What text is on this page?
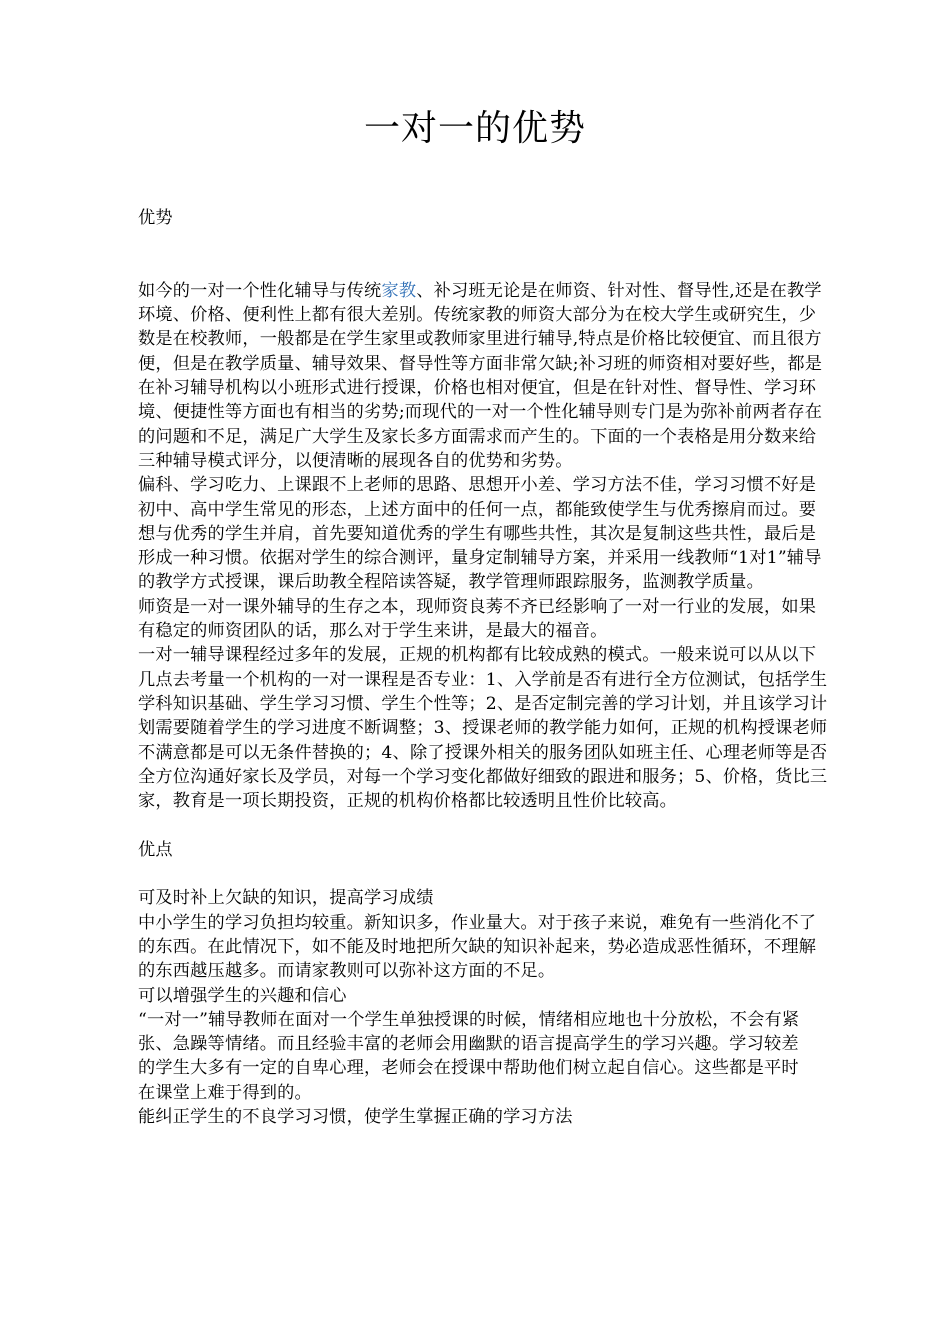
一对一的优势

优势

如今的一对一个性化辅导与传统家教、补习班无论是在师资、针对性、督导性,还是在教学环境、价格、便利性上都有很大差别。传统家教的师资大部分为在校大学生或研究生，少数是在校教师，一般都是在学生家里或教师家里进行辅导,特点是价格比较便宜、而且很方便，但是在教学质量、辅导效果、督导性等方面非常欠缺;补习班的师资相对要好些，都是在补习辅导机构以小班形式进行授课，价格也相对便宜，但是在针对性、督导性、学习环境、便捷性等方面也有相当的劣势;而现代的一对一个性化辅导则专门是为弥补前两者存在的问题和不足，满足广大学生及家长多方面需求而产生的。下面的一个表格是用分数来给三种辅导模式评分，以便清晰的展现各自的优势和劣势。

偏科、学习吃力、上课跟不上老师的思路、思想开小差、学习方法不佳，学习习惯不好是初中、高中学生常见的形态，上述方面中的任何一点，都能致使学生与优秀擦肩而过。要想与优秀的学生并肩，首先要知道优秀的学生有哪些共性，其次是复制这些共性，最后是形成一种习惯。依据对学生的综合测评，量身定制辅导方案，并采用一线教师“1对1”辅导的教学方式授课，课后助教全程陪读答疑，教学管理师跟踪服务，监测教学质量。

师资是一对一课外辅导的生存之本，现师资良莠不齐已经影响了一对一行业的发展，如果有稳定的师资团队的话，那么对于学生来讲，是最大的福音。

一对一辅导课程经过多年的发展，正规的机构都有比较成熟的模式。一般来说可以从以下几点去考量一个机构的一对一课程是否专业：1、入学前是否有进行全方位测试，包括学生学科知识基础、学生学习习惯、学生个性等；2、是否定制完善的学习计划，并且该学习计划需要随着学生的学习进度不断调整；3、授课老师的教学能力如何，正规的机构授课老师不满意都是可以无条件替换的；4、除了授课外相关的服务团队如班主任、心理老师等是否全方位沟通好家长及学员，对每一个学习变化都做好细致的跟进和服务；5、价格，货比三家，教育是一项长期投资，正规的机构价格都比较透明且性价比较高。

优点

可及时补上欠缺的知识，提高学习成绩

中小学生的学习负担均较重。新知识多，作业量大。对于孩子来说，难免有一些消化不了的东西。在此情况下，如不能及时地把所欠缺的知识补起来，势必造成恶性循环，不理解的东西越压越多。而请家教则可以弥补这方面的不足。

可以增强学生的兴趣和信心

“一对一”辅导教师在面对一个学生单独授课的时候，情绪相应地也十分放松，不会有紧张、急躁等情绪。而且经验丰富的老师会用幽默的语言提高学生的学习兴趣。学习较差的学生大多有一定的自卑心理，老师会在授课中帮助他们树立起自信心。这些都是平时在课堂上难于得到的。

能纠正学生的不良学习习惯，使学生掌握正确的学习方法
